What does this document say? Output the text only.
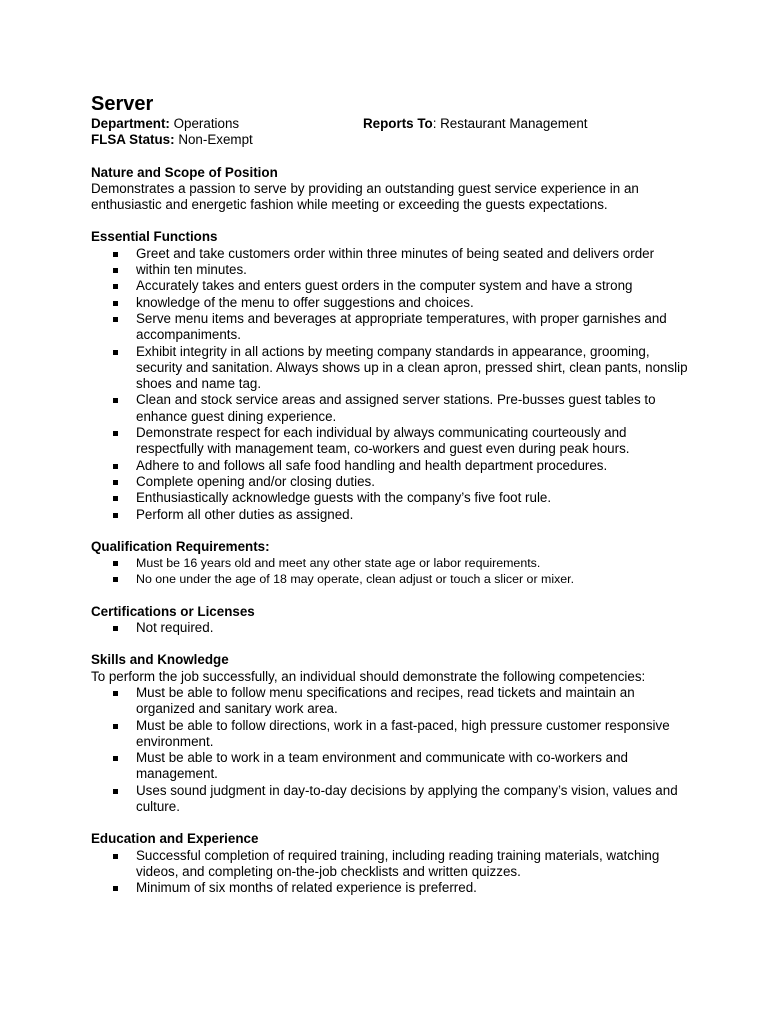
Server
Department: Operations	Reports To: Restaurant Management
FLSA Status: Non-Exempt
Nature and Scope of Position
Demonstrates a passion to serve by providing an outstanding guest service experience in an
enthusiastic and energetic fashion while meeting or exceeding the guests expectations.
Essential Functions
Greet and take customers order within three minutes of being seated and delivers order
within ten minutes.
Accurately takes and enters guest orders in the computer system and have a strong
knowledge of the menu to offer suggestions and choices.
Serve menu items and beverages at appropriate temperatures, with proper garnishes and accompaniments.
Exhibit integrity in all actions by meeting company standards in appearance, grooming, security and sanitation. Always shows up in a clean apron, pressed shirt, clean pants, nonslip shoes and name tag.
Clean and stock service areas and assigned server stations. Pre-busses guest tables to enhance guest dining experience.
Demonstrate respect for each individual by always communicating courteously and respectfully with management team, co-workers and guest even during peak hours.
Adhere to and follows all safe food handling and health department procedures.
Complete opening and/or closing duties.
Enthusiastically acknowledge guests with the company’s five foot rule.
Perform all other duties as assigned.
Qualification Requirements:
Must be 16 years old and meet any other state age or labor requirements.
No one under the age of 18 may operate, clean adjust or touch a slicer or mixer.
Certifications or Licenses
Not required.
Skills and Knowledge
To perform the job successfully, an individual should demonstrate the following competencies:
Must be able to follow menu specifications and recipes, read tickets and maintain an organized and sanitary work area.
Must be able to follow directions, work in a fast-paced, high pressure customer responsive environment.
Must be able to work in a team environment and communicate with co-workers and management.
Uses sound judgment in day-to-day decisions by applying the company’s vision, values and culture.
Education and Experience
Successful completion of required training, including reading training materials, watching videos, and completing on-the-job checklists and written quizzes.
Minimum of six months of related experience is preferred.
